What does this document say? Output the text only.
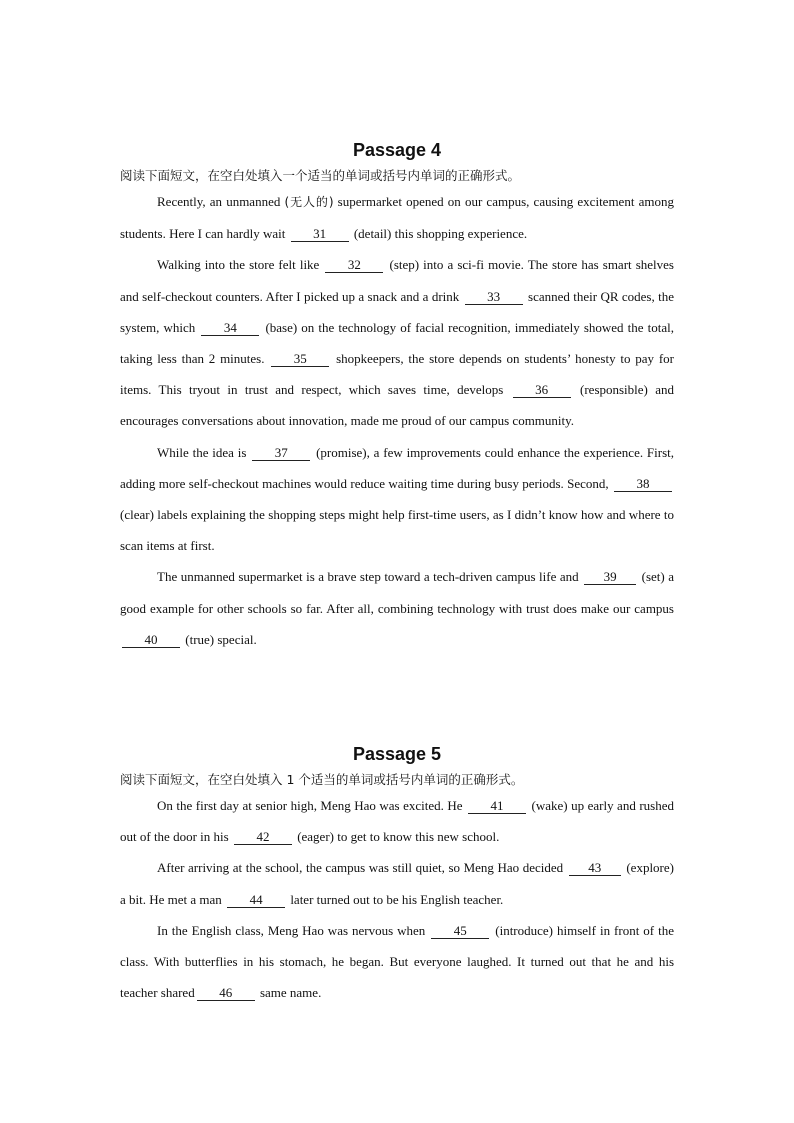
Passage 4

阅读下面短文，在空白处填入一个适当的单词或括号内单词的正确形式。

Recently, an unmanned (无人的) supermarket opened on our campus, causing excitement among students. Here I can hardly wait 31 (detail) this shopping experience.

Walking into the store felt like 32 (step) into a sci-fi movie. The store has smart shelves and self-checkout counters. After I picked up a snack and a drink 33 scanned their QR codes, the system, which 34 (base) on the technology of facial recognition, immediately showed the total, taking less than 2 minutes. 35 shopkeepers, the store depends on students’ honesty to pay for items. This tryout in trust and respect, which saves time, develops 36 (responsible) and encourages conversations about innovation, made me proud of our campus community.

While the idea is 37 (promise), a few improvements could enhance the experience. First, adding more self-checkout machines would reduce waiting time during busy periods. Second, 38 (clear) labels explaining the shopping steps might help first-time users, as I didn’t know how and where to scan items at first.

The unmanned supermarket is a brave step toward a tech-driven campus life and 39 (set) a good example for other schools so far. After all, combining technology with trust does make our campus 40 (true) special.

Passage 5

阅读下面短文，在空白处填入 1 个适当的单词或括号内单词的正确形式。

On the first day at senior high, Meng Hao was excited. He 41 (wake) up early and rushed out of the door in his 42 (eager) to get to know this new school.

After arriving at the school, the campus was still quiet, so Meng Hao decided 43 (explore) a bit. He met a man 44 later turned out to be his English teacher.

In the English class, Meng Hao was nervous when 45 (introduce) himself in front of the class. With butterflies in his stomach, he began. But everyone laughed. It turned out that he and his teacher shared 46 same name.
